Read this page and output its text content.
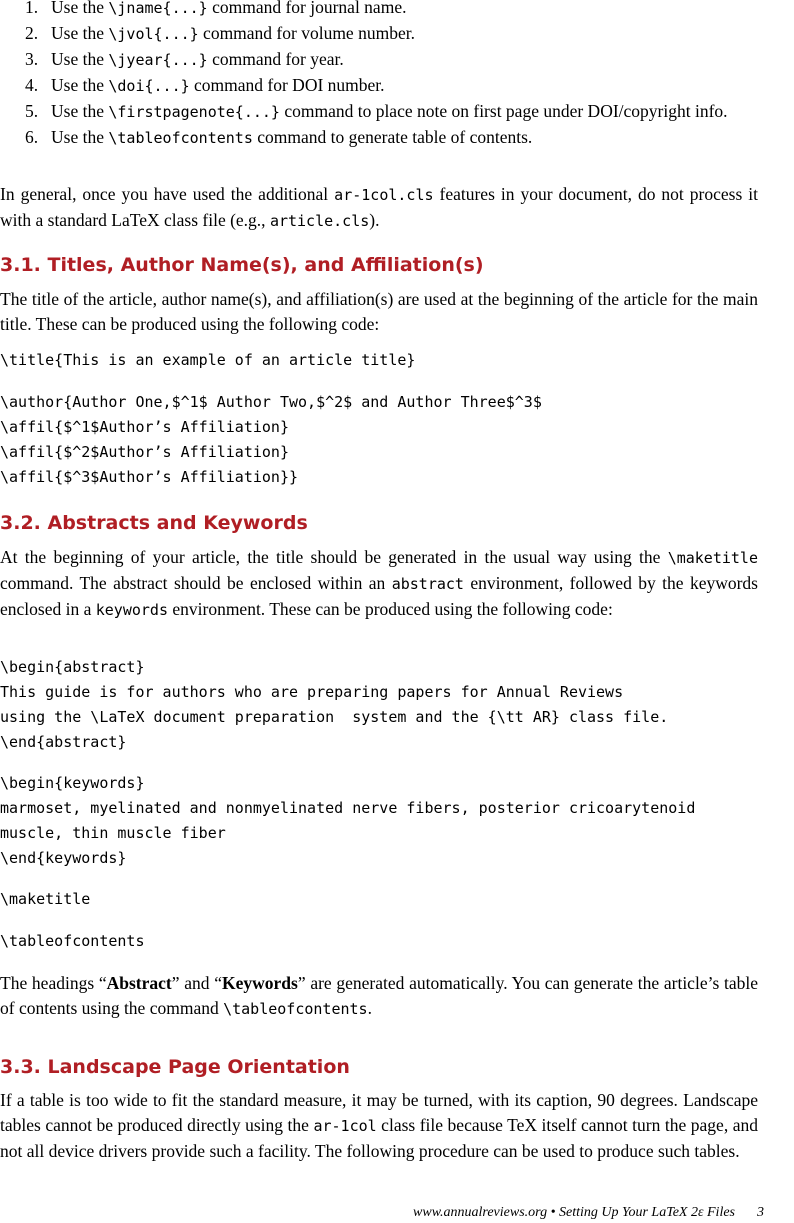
1. Use the \jname{...} command for journal name.
2. Use the \jvol{...} command for volume number.
3. Use the \jyear{...} command for year.
4. Use the \doi{...} command for DOI number.
5. Use the \firstpagenote{...} command to place note on first page under DOI/copyright info.
6. Use the \tableofcontents command to generate table of contents.

In general, once you have used the additional ar-1col.cls features in your document, do not process it with a standard LaTeX class file (e.g., article.cls).

3.1. Titles, Author Name(s), and Affiliation(s)

The title of the article, author name(s), and affiliation(s) are used at the beginning of the article for the main title. These can be produced using the following code:

\title{This is an example of an article title}
\author{Author One,$^1$ Author Two,$^2$ and Author Three$^3$
\affil{$^1$Author’s Affiliation}
\affil{$^2$Author’s Affiliation}
\affil{$^3$Author’s Affiliation}}
3.2. Abstracts and Keywords

At the beginning of your article, the title should be generated in the usual way using the \maketitle command. The abstract should be enclosed within an abstract environment, followed by the keywords enclosed in a keywords environment. These can be produced using the following code:

\begin{abstract}
This guide is for authors who are preparing papers for Annual Reviews
using the \LaTeX document preparation  system and the {\tt AR} class file.
\end{abstract}
\begin{keywords}
marmoset, myelinated and nonmyelinated nerve fibers, posterior cricoarytenoid
muscle, thin muscle fiber
\end{keywords}
\maketitle
\tableofcontents

The headings “Abstract” and “Keywords” are generated automatically. You can generate the article’s table of contents using the command \tableofcontents.

3.3. Landscape Page Orientation

If a table is too wide to fit the standard measure, it may be turned, with its caption, 90 degrees. Landscape tables cannot be produced directly using the ar-1col class file because TeX itself cannot turn the page, and not all device drivers provide such a facility. The following procedure can be used to produce such tables.

www.annualreviews.org • Setting Up Your LaTeX 2ε Files 3
